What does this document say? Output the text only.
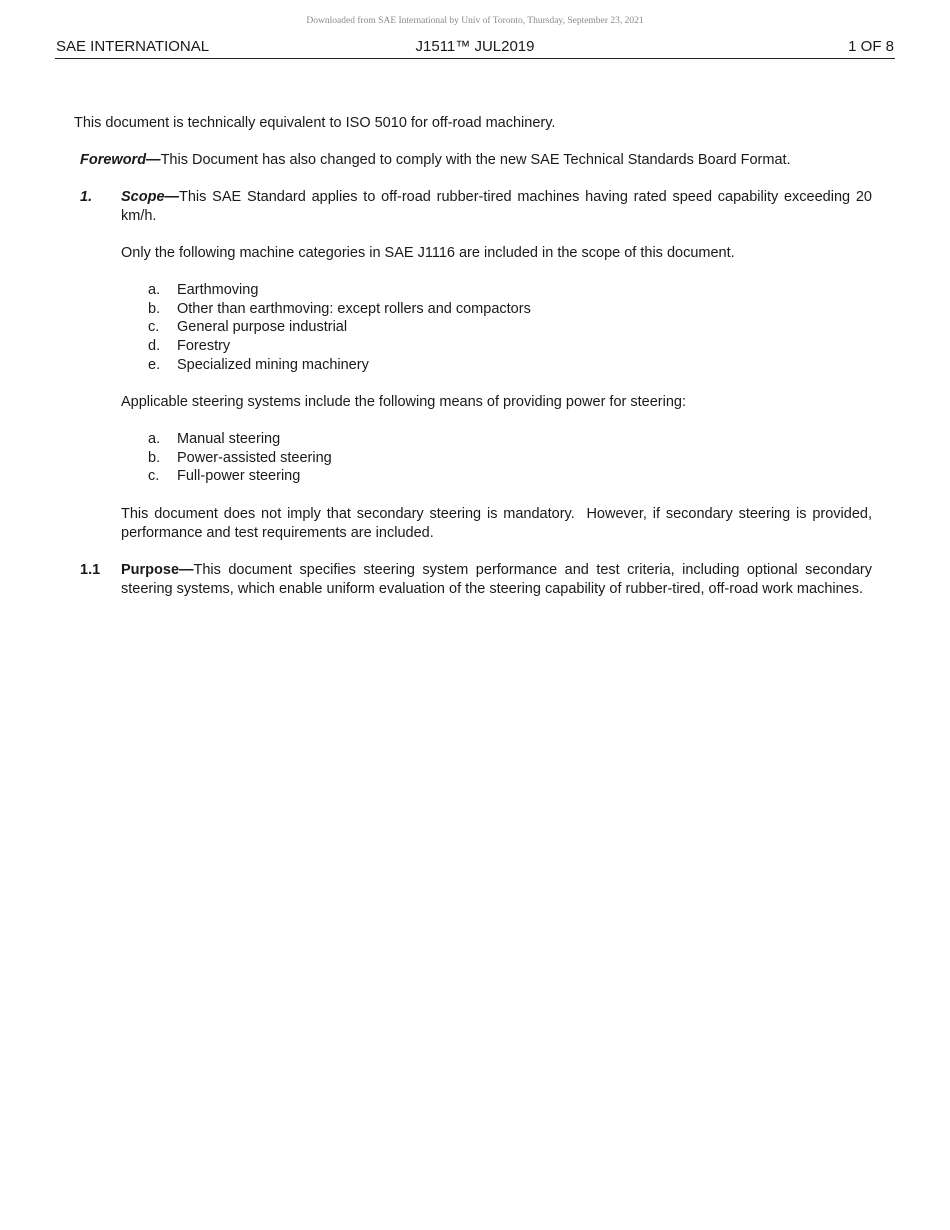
Downloaded from SAE International by Univ of Toronto, Thursday, September 23, 2021
SAE INTERNATIONAL	J1511™ JUL2019	1 OF 8
This document is technically equivalent to ISO 5010 for off-road machinery.
Foreword—This Document has also changed to comply with the new SAE Technical Standards Board Format.
1. Scope—This SAE Standard applies to off-road rubber-tired machines having rated speed capability exceeding 20 km/h.
Only the following machine categories in SAE J1116 are included in the scope of this document.
a. Earthmoving
b. Other than earthmoving: except rollers and compactors
c. General purpose industrial
d. Forestry
e. Specialized mining machinery
Applicable steering systems include the following means of providing power for steering:
a. Manual steering
b. Power-assisted steering
c. Full-power steering
This document does not imply that secondary steering is mandatory.  However, if secondary steering is provided, performance and test requirements are included.
1.1 Purpose—This document specifies steering system performance and test criteria, including optional secondary steering systems, which enable uniform evaluation of the steering capability of rubber-tired, off-road work machines.
